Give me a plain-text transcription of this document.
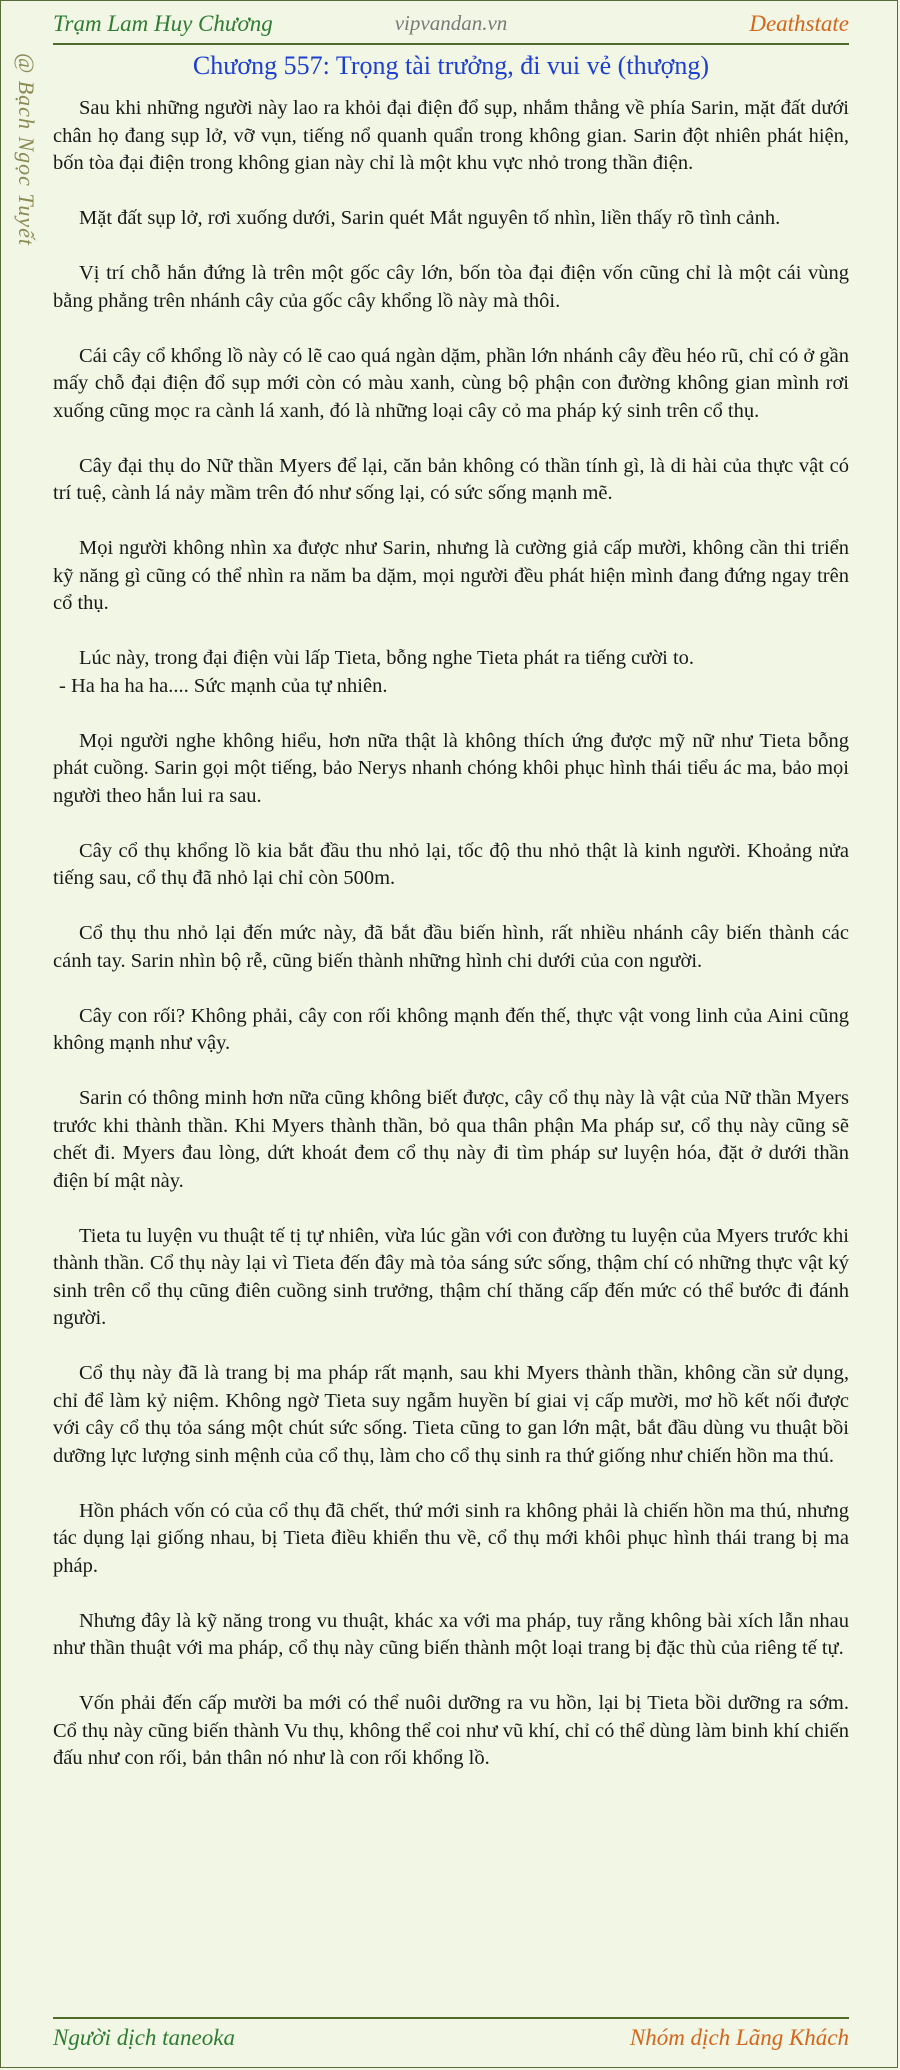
Trạm Lam Huy Chương	vipvandan.vn	Deathstate
@ Bạch Ngọc Tuyết	Chương 557: Trọng tài trưởng, đi vui vẻ (thượng)

Sau khi những người này lao ra khỏi đại điện đổ sụp, nhắm thẳng về phía Sarin, mặt đất dưới chân họ đang sụp lở, vỡ vụn, tiếng nổ quanh quẩn trong không gian. Sarin đột nhiên phát hiện, bốn tòa đại điện trong không gian này chỉ là một khu vực nhỏ trong thần điện.

Mặt đất sụp lở, rơi xuống dưới, Sarin quét Mắt nguyên tố nhìn, liền thấy rõ tình cảnh.

Vị trí chỗ hắn đứng là trên một gốc cây lớn, bốn tòa đại điện vốn cũng chỉ là một cái vùng bằng phẳng trên nhánh cây của gốc cây khổng lồ này mà thôi.

Cái cây cổ khổng lồ này có lẽ cao quá ngàn dặm, phần lớn nhánh cây đều héo rũ, chỉ có ở gần mấy chỗ đại điện đổ sụp mới còn có màu xanh, cùng bộ phận con đường không gian mình rơi xuống cũng mọc ra cành lá xanh, đó là những loại cây cỏ ma pháp ký sinh trên cổ thụ.

Cây đại thụ do Nữ thần Myers để lại, căn bản không có thần tính gì, là di hài của thực vật có trí tuệ, cành lá nảy mầm trên đó như sống lại, có sức sống mạnh mẽ.

Mọi người không nhìn xa được như Sarin, nhưng là cường giả cấp mười, không cần thi triển kỹ năng gì cũng có thể nhìn ra năm ba dặm, mọi người đều phát hiện mình đang đứng ngay trên cổ thụ.

Lúc này, trong đại điện vùi lấp Tieta, bỗng nghe Tieta phát ra tiếng cười to.

- Ha ha ha ha.... Sức mạnh của tự nhiên.

Mọi người nghe không hiểu, hơn nữa thật là không thích ứng được mỹ nữ như Tieta bỗng phát cuồng. Sarin gọi một tiếng, bảo Nerys nhanh chóng khôi phục hình thái tiểu ác ma, bảo mọi người theo hắn lui ra sau.

Cây cổ thụ khổng lồ kia bắt đầu thu nhỏ lại, tốc độ thu nhỏ thật là kinh người. Khoảng nửa tiếng sau, cổ thụ đã nhỏ lại chỉ còn 500m.

Cổ thụ thu nhỏ lại đến mức này, đã bắt đầu biến hình, rất nhiều nhánh cây biến thành các cánh tay. Sarin nhìn bộ rễ, cũng biến thành những hình chi dưới của con người.

Cây con rối? Không phải, cây con rối không mạnh đến thế, thực vật vong linh của Aini cũng không mạnh như vậy.

Sarin có thông minh hơn nữa cũng không biết được, cây cổ thụ này là vật của Nữ thần Myers trước khi thành thần. Khi Myers thành thần, bỏ qua thân phận Ma pháp sư, cổ thụ này cũng sẽ chết đi. Myers đau lòng, dứt khoát đem cổ thụ này đi tìm pháp sư luyện hóa, đặt ở dưới thần điện bí mật này.

Tieta tu luyện vu thuật tế tị tự nhiên, vừa lúc gần với con đường tu luyện của Myers trước khi thành thần. Cổ thụ này lại vì Tieta đến đây mà tỏa sáng sức sống, thậm chí có những thực vật ký sinh trên cổ thụ cũng điên cuồng sinh trưởng, thậm chí thăng cấp đến mức có thể bước đi đánh người.

Cổ thụ này đã là trang bị ma pháp rất mạnh, sau khi Myers thành thần, không cần sử dụng, chỉ để làm kỷ niệm. Không ngờ Tieta suy ngẫm huyền bí giai vị cấp mười, mơ hồ kết nối được với cây cổ thụ tỏa sáng một chút sức sống. Tieta cũng to gan lớn mật, bắt đầu dùng vu thuật bồi dưỡng lực lượng sinh mệnh của cổ thụ, làm cho cổ thụ sinh ra thứ giống như chiến hồn ma thú.

Hồn phách vốn có của cổ thụ đã chết, thứ mới sinh ra không phải là chiến hồn ma thú, nhưng tác dụng lại giống nhau, bị Tieta điều khiển thu về, cổ thụ mới khôi phục hình thái trang bị ma pháp.

Nhưng đây là kỹ năng trong vu thuật, khác xa với ma pháp, tuy rằng không bài xích lẫn nhau như thần thuật với ma pháp, cổ thụ này cũng biến thành một loại trang bị đặc thù của riêng tế tự.

Vốn phải đến cấp mười ba mới có thể nuôi dưỡng ra vu hồn, lại bị Tieta bồi dưỡng ra sớm. Cổ thụ này cũng biến thành Vu thụ, không thể coi như vũ khí, chỉ có thể dùng làm binh khí chiến đấu như con rối, bản thân nó như là con rối khổng lồ.

Người dịch taneoka	Nhóm dịch Lãng Khách
